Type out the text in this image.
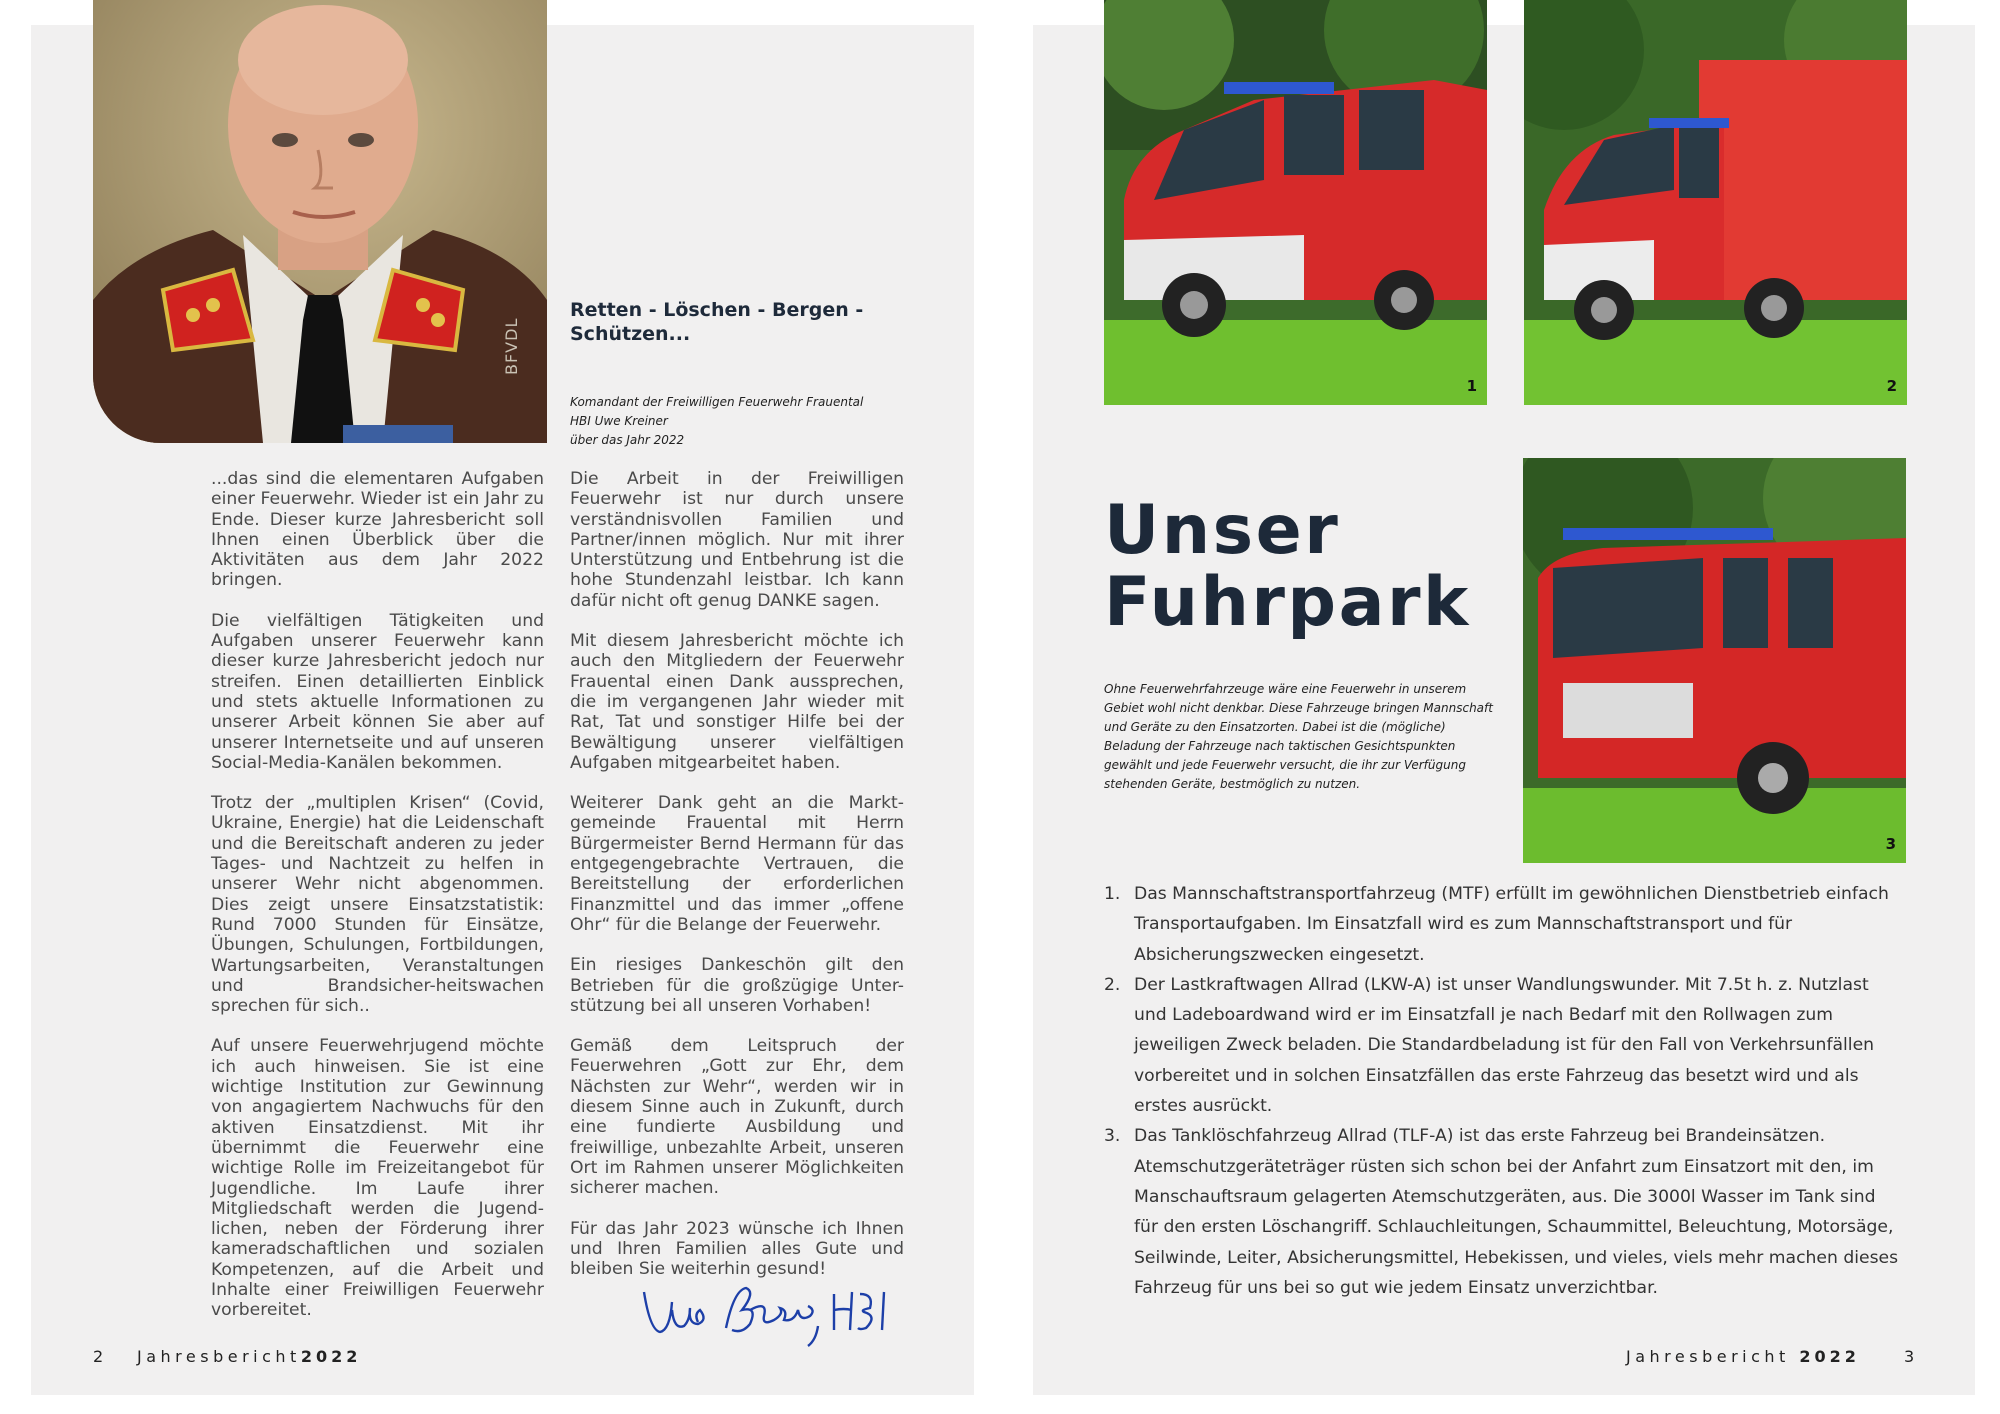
BFVDL
Retten - Löschen - Bergen - Schützen...
Komandant der Freiwilligen Feuerwehr Frauental
HBI Uwe Kreiner
über das Jahr 2022

...das sind die elementaren Aufgaben einer Feuerwehr. Wieder ist ein Jahr zu Ende. Dieser kurze Jahresbericht soll Ihnen einen Überblick über die Aktivitäten aus dem Jahr 2022 bringen.

Die vielfältigen Tätigkeiten und Aufgaben unserer Feuerwehr kann dieser kurze Jahresbericht jedoch nur streifen. Einen detaillierten Einblick und stets aktuelle Informationen zu unserer Arbeit können Sie aber auf unserer Internetseite und auf unseren Social-Media-Kanälen bekommen.

Trotz der „multiplen Krisen“ (Covid, Ukraine, Energie) hat die Leidenschaft und die Bereitschaft anderen zu jeder Tages- und Nachtzeit zu helfen in unserer Wehr nicht abgenommen. Dies zeigt unsere Einsatzstatistik: Rund 7000 Stunden für Einsätze, Übungen, Schulungen, Fortbildungen, Wartungsarbeiten, Veranstaltungen und Brandsicher-heitswachen sprechen für sich..

Auf unsere Feuerwehrjugend möchte ich auch hinweisen. Sie ist eine wichtige Institution zur Gewinnung von angagiertem Nachwuchs für den aktiven Einsatzdienst. Mit ihr übernimmt die Feuerwehr eine wichtige Rolle im Freizeitangebot für Jugendliche. Im Laufe ihrer Mitgliedschaft werden die Jugend-lichen, neben der Förderung ihrer kameradschaftlichen und sozialen Kompetenzen, auf die Arbeit und Inhalte einer Freiwilligen Feuerwehr vorbereitet.

Die Arbeit in der Freiwilligen Feuerwehr ist nur durch unsere verständnisvollen Familien und Partner/innen möglich. Nur mit ihrer Unterstützung und Entbehrung ist die hohe Stundenzahl leistbar. Ich kann dafür nicht oft genug DANKE sagen.

Mit diesem Jahresbericht möchte ich auch den Mitgliedern der Feuerwehr Frauental einen Dank aussprechen, die im vergangenen Jahr wieder mit Rat, Tat und sonstiger Hilfe bei der Bewältigung unserer vielfältigen Aufgaben mitgearbeitet haben.

Weiterer Dank geht an die Markt-gemeinde Frauental mit Herrn Bürgermeister Bernd Hermann für das entgegengebrachte Vertrauen, die Bereitstellung der erforderlichen Finanzmittel und das immer „offene Ohr“ für die Belange der Feuerwehr.

Ein riesiges Dankeschön gilt den Betrieben für die großzügige Unter-stützung bei all unseren Vorhaben!

Gemäß dem Leitspruch der Feuerwehren „Gott zur Ehr, dem Nächsten zur Wehr“, werden wir in diesem Sinne auch in Zukunft, durch eine fundierte Ausbildung und freiwillige, unbezahlte Arbeit, unseren Ort im Rahmen unserer Möglichkeiten sicherer machen.

Für das Jahr 2023 wünsche ich Ihnen und Ihren Familien alles Gute und bleiben Sie weiterhin gesund!

2 Jahresbericht2022
1	2
3
Unser
Fuhrpark
Ohne Feuerwehrfahrzeuge wäre eine Feuerwehr in unserem Gebiet wohl nicht denkbar. Diese Fahrzeuge bringen Mannschaft und Geräte zu den Einsatzorten. Dabei ist die (mögliche) Beladung der Fahrzeuge nach taktischen Gesichtspunkten gewählt und jede Feuerwehr versucht, die ihr zur Verfügung stehenden Geräte, bestmöglich zu nutzen.
1. Das Mannschaftstransportfahrzeug (MTF) erfüllt im gewöhnlichen Dienstbetrieb einfach Transportaufgaben. Im Einsatzfall wird es zum Mannschaftstransport und für Absicherungszwecken eingesetzt.
2. Der Lastkraftwagen Allrad (LKW-A) ist unser Wandlungswunder. Mit 7.5t h. z. Nutzlast und Ladeboardwand wird er im Einsatzfall je nach Bedarf mit den Rollwagen zum jeweiligen Zweck beladen. Die Standardbeladung ist für den Fall von Verkehrsunfällen vorbereitet und in solchen Einsatzfällen das erste Fahrzeug das besetzt wird und als erstes ausrückt.
3. Das Tanklöschfahrzeug Allrad (TLF-A) ist das erste Fahrzeug bei Brandeinsätzen. Atemschutzgeräteträger rüsten sich schon bei der Anfahrt zum Einsatzort mit den, im Manschauftsraum gelagerten Atemschutzgeräten, aus. Die 3000l Wasser im Tank sind für den ersten Löschangriff. Schlauchleitungen, Schaummittel, Beleuchtung, Motorsäge, Seilwinde, Leiter, Absicherungsmittel, Hebekissen, und vieles, viels mehr machen dieses Fahrzeug für uns bei so gut wie jedem Einsatz unverzichtbar.
Jahresbericht 2022	3
